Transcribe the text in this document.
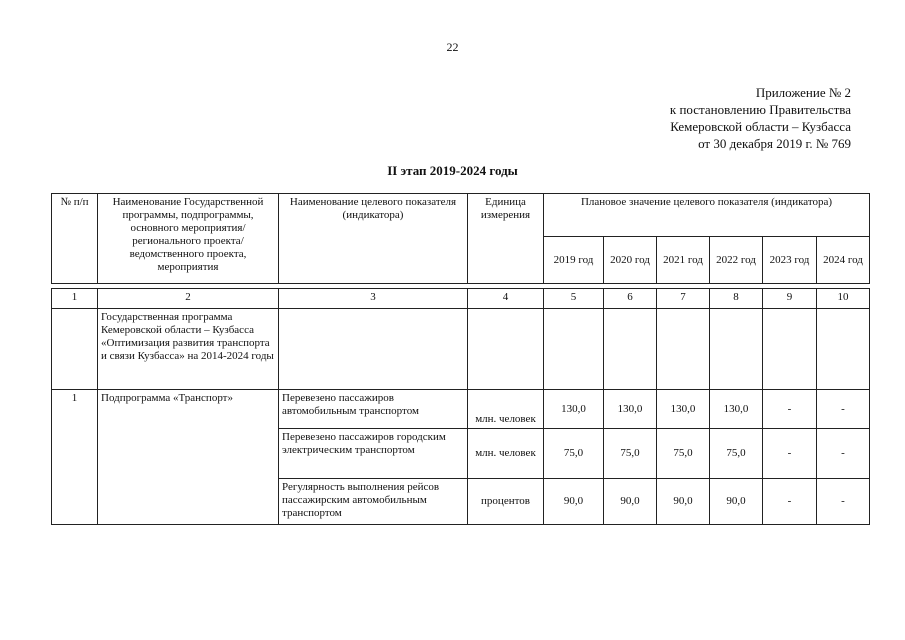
22
Приложение № 2
к постановлению Правительства
Кемеровской области – Кузбасса
от 30 декабря 2019 г. № 769
II этап 2019-2024 годы
№ п/п	Наименование Государственной программы, подпрограммы, основного мероприятия/регионального проекта/ведомственного проекта, мероприятия	Наименование целевого показателя (индикатора)	Единица измерения	Плановое значение целевого показателя (индикатора)					
				2019 год	2020 год	2021 год	2022 год	2023 год	2024 год

1	2	3	4	5	6	7	8	9	10
	Государственная программа Кемеровской области – Кузбасса «Оптимизация развития транспорта и связи Кузбасса» на 2014-2024 годы								
1	Подпрограмма «Транспорт»	Перевезено пассажиров автомобильным транспортом	млн. человек	130,0	130,0	130,0	130,0	-	-
		Перевезено пассажиров городским электрическим транспортом	млн. человек	75,0	75,0	75,0	75,0	-	-
		Регулярность выполнения рейсов пассажирским автомобильным транспортом	процентов	90,0	90,0	90,0	90,0	-	-
